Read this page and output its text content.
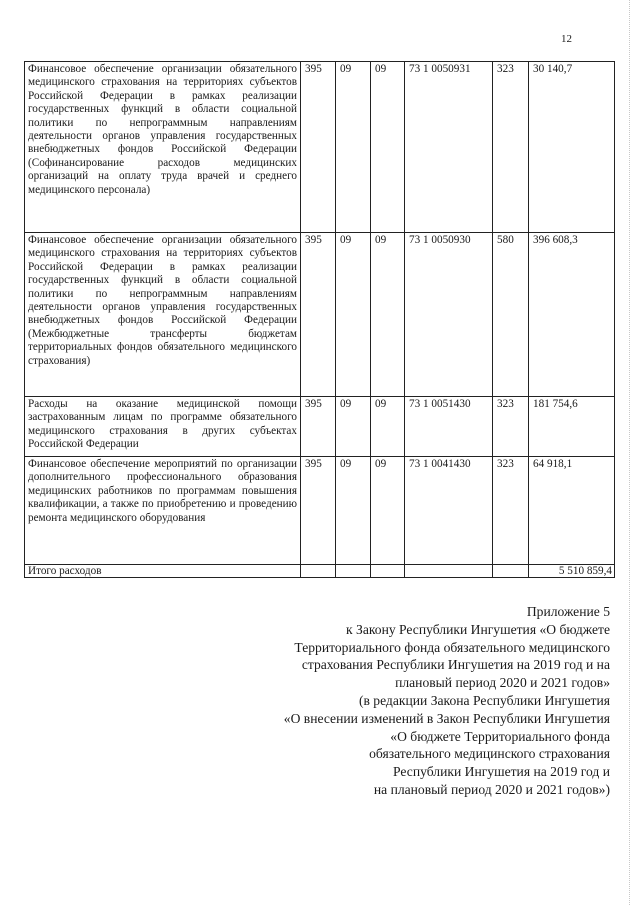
12
Финансовое обеспечение организации обязательного медицинского страхования на территориях субъектов Российской Федерации в рамках реализации государственных функций в области социальной политики по непрограммным направлениям деятельности органов управления государственных внебюджетных фондов Российской Федерации (Софинансирование расходов медицинских организаций на оплату труда врачей и среднего медицинского персонала)	395	09	09	73 1 0050931	323	30 140,7
Финансовое обеспечение организации обязательного медицинского страхования на территориях субъектов Российской Федерации в рамках реализации государственных функций в области социальной политики по непрограммным направлениям деятельности органов управления государственных внебюджетных фондов Российской Федерации (Межбюджетные трансферты бюджетам территориальных фондов обязательного медицинского страхования)	395	09	09	73 1 0050930	580	396 608,3
Расходы на оказание медицинской помощи застрахованным лицам по программе обязательного медицинского страхования в других субъектах Российской Федерации	395	09	09	73 1 0051430	323	181 754,6
Финансовое обеспечение мероприятий по организации дополнительного профессионального образования медицинских работников по программам повышения квалификации, а также по приобретению и проведению ремонта медицинского оборудования	395	09	09	73 1 0041430	323	64 918,1
Итого расходов						5 510 859,4
Приложение 5
к Закону Республики Ингушетия «О бюджете
Территориального фонда обязательного медицинского
страхования Республики Ингушетия на 2019 год и на
плановый период 2020 и 2021 годов»
(в редакции Закона Республики Ингушетия
«О внесении изменений в Закон Республики Ингушетия
«О бюджете Территориального фонда
обязательного медицинского страхования
Республики Ингушетия на 2019 год и
на плановый период 2020 и 2021 годов»)
